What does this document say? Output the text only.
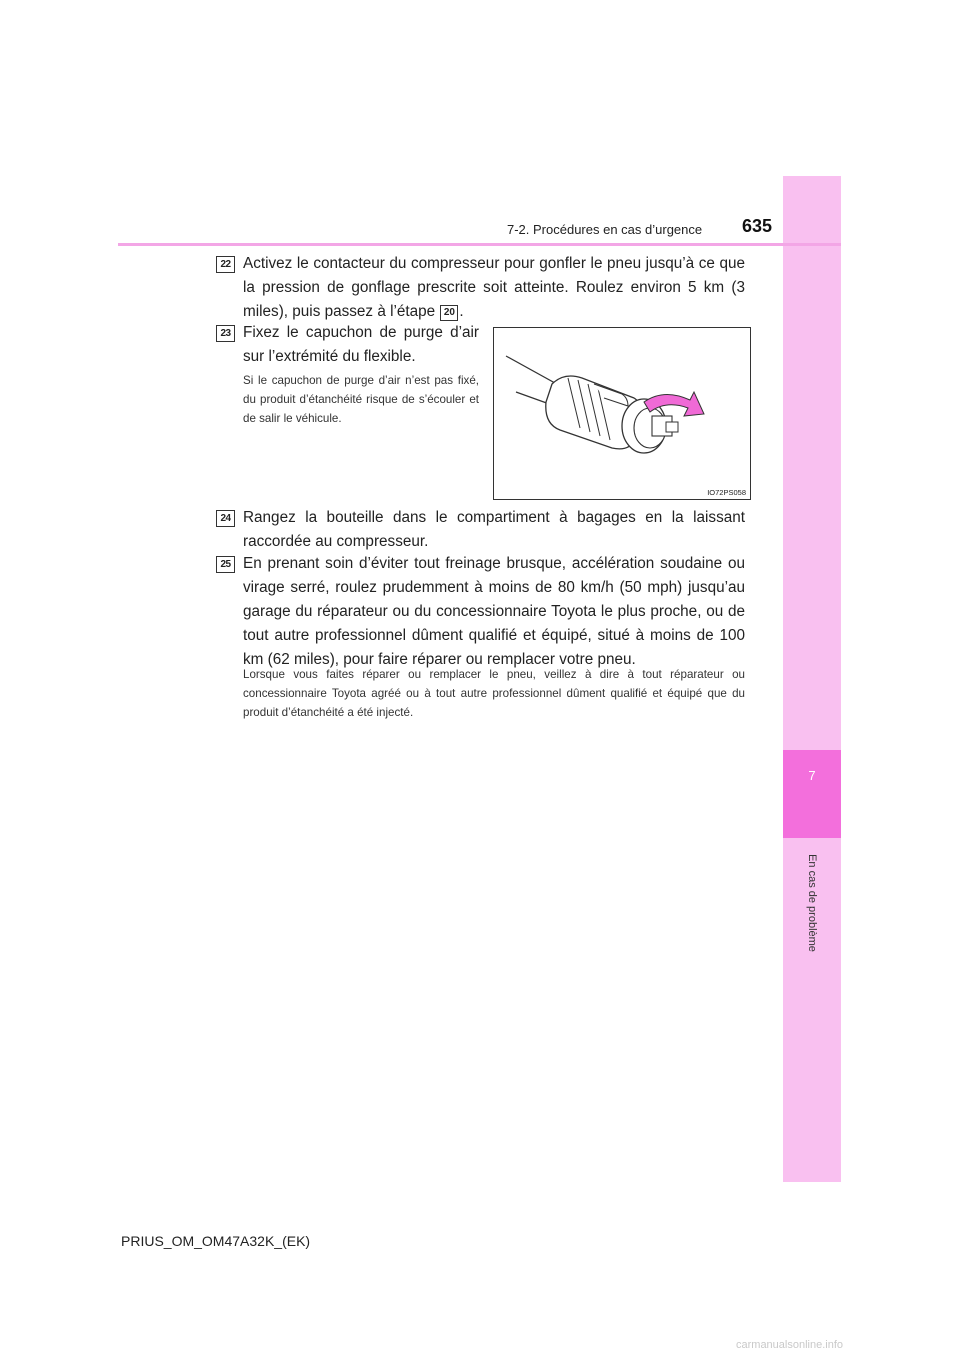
7
En cas de problème
7-2. Procédures en cas d’urgence 635
22 Activez le contacteur du compresseur pour gonfler le pneu jusqu’à ce que la pression de gonflage prescrite soit atteinte. Roulez environ 5 km (3 miles), puis passez à l’étape 20 .
23 Fixez le capuchon de purge d’air sur l’extrémité du flexible.
Si le capuchon de purge d’air n’est pas fixé, du produit d’étanchéité risque de s’écouler et de salir le véhicule.
IO72PS058
24 Rangez la bouteille dans le compartiment à bagages en la laissant raccordée au compresseur.
25 En prenant soin d’éviter tout freinage brusque, accélération soudaine ou virage serré, roulez prudemment à moins de 80 km/h (50 mph) jusqu’au garage du réparateur ou du concessionnaire Toyota le plus proche, ou de tout autre professionnel dûment qualifié et équipé, situé à moins de 100 km (62 miles), pour faire réparer ou remplacer votre pneu.
Lorsque vous faites réparer ou remplacer le pneu, veillez à dire à tout réparateur ou concessionnaire Toyota agréé ou à tout autre professionnel dûment qualifié et équipé que du produit d’étanchéité a été injecté.
PRIUS_OM_OM47A32K_(EK)
carmanualsonline.info
